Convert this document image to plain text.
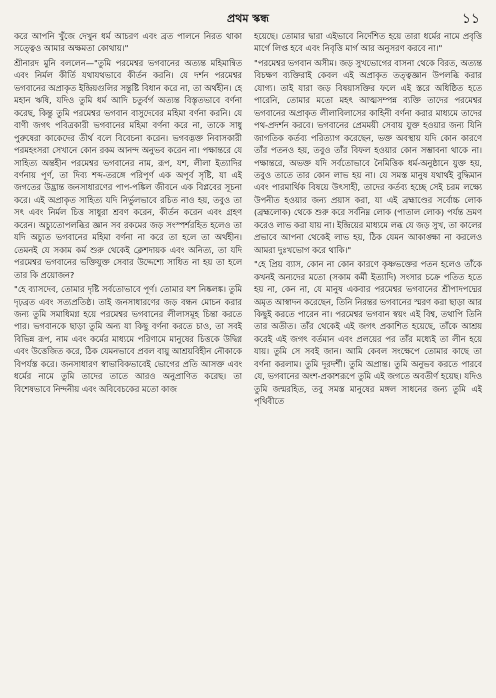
প্রথম স্কন্ধ	১১

করে আপনি খুঁজে দেখুন ধর্ম আচরণ এবং ব্রত পালনে নিরত থাকা সত্ত্বেও আমার অক্ষমতা কোথায়।"

শ্রীনারদ মুনি বললেন—"তুমি পরমেশ্বর ভগবানের অত্যন্ত মহিমান্বিত এবং নির্মল কীর্তি যথাযথভাবে কীর্তন করনি। যে দর্শন পরমেশ্বর ভগবানের অপ্রাকৃত ইন্দ্রিয়গুলির সন্তুষ্টি বিধান করে না, তা অর্থহীন। হে মহান ঋষি, যদিও তুমি ধর্ম আদি চতুর্বর্গ অত্যন্ত বিস্তৃতভাবে বর্ণনা করেছ, কিন্তু তুমি পরমেশ্বর ভগবান বাসুদেবের মহিমা বর্ণনা করনি। যে বাণী জগৎ পবিত্রকারী ভগবানের মহিমা বর্ণনা করে না, তাকে সাধু পুরুষেরা কাকেদের তীর্থ বলে বিবেচনা করেন। ভগবদ্ভক্ত নিবাসকারী পরমহংসরা সেখানে কোন রকম আনন্দ অনুভব করেন না। পক্ষান্তরে যে সাহিত্য অন্তহীন পরমেশ্বর ভগবানের নাম, রূপ, যশ, লীলা ইত্যাদির বর্ণনায় পূর্ণ, তা দিব্য শব্দ-তরঙ্গে পরিপূর্ণ এক অপূর্ব সৃষ্টি, যা এই জগতের উদ্ভ্রান্ত জনসাধারণের পাপ-পঙ্কিল জীবনে এক বিপ্লবের সূচনা করে। এই অপ্রাকৃত সাহিত্য যদি নির্ভুলভাবে রচিত নাও হয়, তবুও তা সৎ এবং নির্মল চিত্ত সাধুরা শ্রবণ করেন, কীর্তন করেন এবং গ্রহণ করেন। অচ্যুতোপলব্ধির জ্ঞান সব রকমের জড় সংস্পর্শরহিত হলেও তা যদি অচ্যুত ভগবানের মহিমা বর্ণনা না করে তা হলে তা অর্থহীন। তেমনই যে সকাম কর্ম শুরু থেকেই ক্লেশদায়ক এবং অনিত্য, তা যদি পরমেশ্বর ভগবানের ভক্তিযুক্ত সেবার উদ্দেশ্যে সাধিত না হয় তা হলে তার কি প্রয়োজন?

"হে ব্যাসদেব, তোমার দৃষ্টি সর্বতোভাবে পূর্ণ। তোমার যশ নিষ্কলঙ্ক। তুমি দৃঢ়ব্রত এবং সত্যপ্রতিষ্ঠ। তাই জনসাধারণের জড় বন্ধন মোচন করার জন্য তুমি সমাধিমগ্ন হয়ে পরমেশ্বর ভগবানের লীলাসমূহ চিন্তা করতে পার। ভগবানকে ছাড়া তুমি অন্য যা কিছু বর্ণনা করতে চাও, তা সবই বিভিন্ন রূপ, নাম এবং কর্মের মাধ্যমে পরিণামে মানুষের চিত্তকে উদ্বিগ্ন এবং উত্তেজিত করে, ঠিক যেমনভাবে প্রবল বায়ু আশ্রয়বিহীন নৌকাকে বিপর্যস্ত করে। জনসাধারণ স্বাভাবিকভাবেই ভোগের প্রতি আসক্ত এবং ধর্মের নামে তুমি তাদের তাতে আরও অনুপ্রাণিত করেছ। তা বিশেষভাবে নিন্দনীয় এবং অবিবেচকের মতো কাজ

হয়েছে। তোমার দ্বারা এইভাবে নির্দেশিত হয়ে তারা ধর্মের নামে প্রবৃত্তি মার্গে লিপ্ত হবে এবং নিবৃত্তি মার্গ আর অনুসরণ করবে না।"

"পরমেশ্বর ভগবান অসীম। জড় সুখভোগের বাসনা থেকে বিরত, অত্যন্ত বিচক্ষণ ব্যক্তিরাই কেবল এই অপ্রাকৃত তত্ত্বজ্ঞান উপলব্ধি করার যোগ্য। তাই যারা জড় বিষয়াসক্তির ফলে এই স্তরে অধিষ্ঠিত হতে পারেনি, তোমার মতো মহৎ আত্মসম্পন্ন ব্যক্তি তাদের পরমেশ্বর ভগবানের অপ্রাকৃত লীলাবিলাসের কাহিনী বর্ণনা করার মাধ্যমে তাদের পথ-প্রদর্শন করবে। ভগবানের প্রেমময়ী সেবায় যুক্ত হওয়ার জন্য যিনি জাগতিক কর্তব্য পরিত্যাগ করেছেন, ভক্ত অবস্থায় যদি কোন কারণে তাঁর পতনও হয়, তবুও তাঁর বিফল হওয়ার কোন সম্ভাবনা থাকে না। পক্ষান্তরে, অভক্ত যদি সর্বতোভাবে নৈমিত্তিক ধর্ম-অনুষ্ঠানে যুক্ত হয়, তবুও তাতে তার কোন লাভ হয় না। যে সমস্ত মানুষ যথার্থই বুদ্ধিমান এবং পারমার্থিক বিষয়ে উৎসাহী, তাদের কর্তব্য হচ্ছে সেই চরম লক্ষ্যে উপনীত হওয়ার জন্য প্রয়াস করা, যা এই ব্রহ্মাণ্ডের সর্বোচ্চ লোক (ব্রহ্মলোক) থেকে শুরু করে সর্বনিম্ন লোক (পাতাল লোক) পর্যন্ত ভ্রমণ করেও লাভ করা যায় না। ইন্দ্রিয়ের মাধ্যমে লব্ধ যে জড় সুখ, তা কালের প্রভাবে আপনা থেকেই লাভ হয়, ঠিক যেমন আকাঙ্ক্ষা না করলেও আমরা দুঃখভোগ করে থাকি।"

"হে প্রিয় ব্যাস, কোন না কোন কারণে কৃষ্ণভক্তের পতন হলেও তাঁকে কখনই অন্যদের মতো (সকাম কর্মী ইত্যাদি) সংসার চক্রে পতিত হতে হয় না, কেন না, যে মানুষ একবার পরমেশ্বর ভগবানের শ্রীপাদপদ্মের অমৃত আস্বাদন করেছেন, তিনি নিরন্তর ভগবানের স্মরণ করা ছাড়া আর কিছুই করতে পারেন না। পরমেশ্বর ভগবান স্বয়ং এই বিশ্ব, তথাপি তিনি তার অতীত। তাঁর থেকেই এই জগৎ প্রকাশিত হয়েছে, তাঁকে আশ্রয় করেই এই জগৎ বর্তমান এবং প্রলয়ের পর তাঁর মধ্যেই তা লীন হয়ে যায়। তুমি সে সবই জান। আমি কেবল সংক্ষেপে তোমার কাছে তা বর্ণনা করলাম। তুমি দূরদর্শী। তুমি অপ্রান্ত। তুমি অনুভব করতে পারবে যে, ভগবানের অংশ-প্রকাশরূপে তুমি এই জগতে অবতীর্ণ হয়েছ। যদিও তুমি জন্মরহিত, তবু সমস্ত মানুষের মঙ্গল সাধনের জন্য তুমি এই পৃথিবীতে
